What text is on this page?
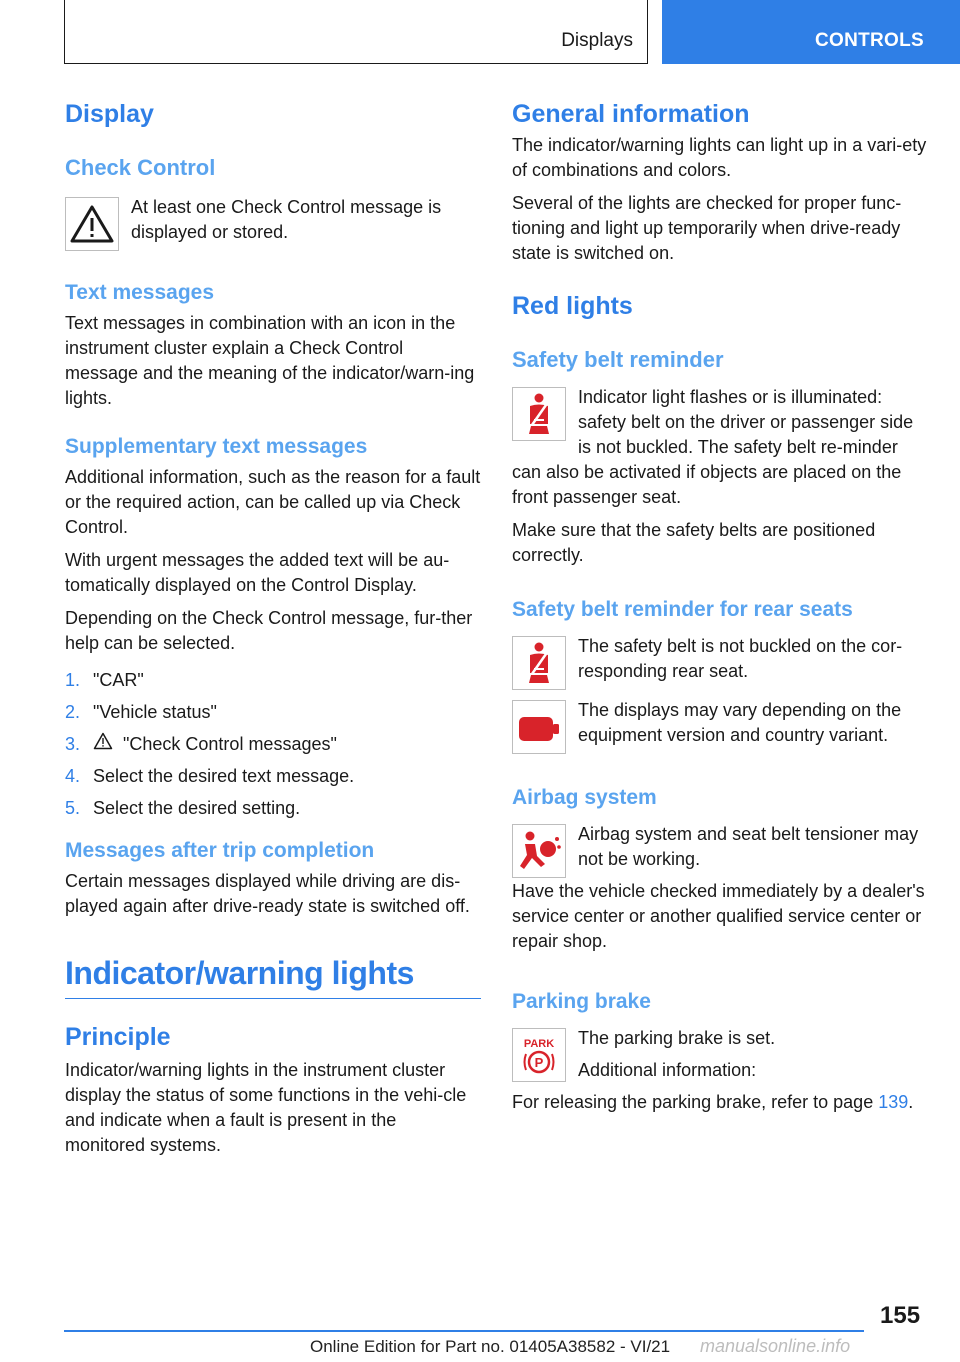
Displays	CONTROLS
Display
Check Control

At least one Check Control message is displayed or stored.

Text messages

Text messages in combination with an icon in the instrument cluster explain a Check Control message and the meaning of the indicator/warn‐ing lights.

Supplementary text messages

Additional information, such as the reason for a fault or the required action, can be called up via Check Control.

With urgent messages the added text will be au‐tomatically displayed on the Control Display.

Depending on the Check Control message, fur‐ther help can be selected.

1. "CAR"
2. "Vehicle status"
3. "Check Control messages"
4. Select the desired text message.
5. Select the desired setting.
Messages after trip completion

Certain messages displayed while driving are dis‐played again after drive-ready state is switched off.

Indicator/warning lights
Principle

Indicator/warning lights in the instrument cluster display the status of some functions in the vehi‐cle and indicate when a fault is present in the monitored systems.

General information

The indicator/warning lights can light up in a vari‐ety of combinations and colors.

Several of the lights are checked for proper func‐tioning and light up temporarily when drive-ready state is switched on.

Red lights
Safety belt reminder

Indicator light flashes or is illuminated: safety belt on the driver or passenger side is not buckled. The safety belt re‐minder can also be activated if objects are placed on the front passenger seat.

Make sure that the safety belts are positioned correctly.

Safety belt reminder for rear seats

The safety belt is not buckled on the cor‐responding rear seat.

The displays may vary depending on the equipment version and country variant.

Airbag system

Airbag system and seat belt tensioner may not be working.

Have the vehicle checked immediately by a dealer's service center or another qualified service center or repair shop.

Parking brake
PARK
P

The parking brake is set.

Additional information:

For releasing the parking brake, refer to page 139.

155
Online Edition for Part no. 01405A38582 - VI/21 manualsonline.info
